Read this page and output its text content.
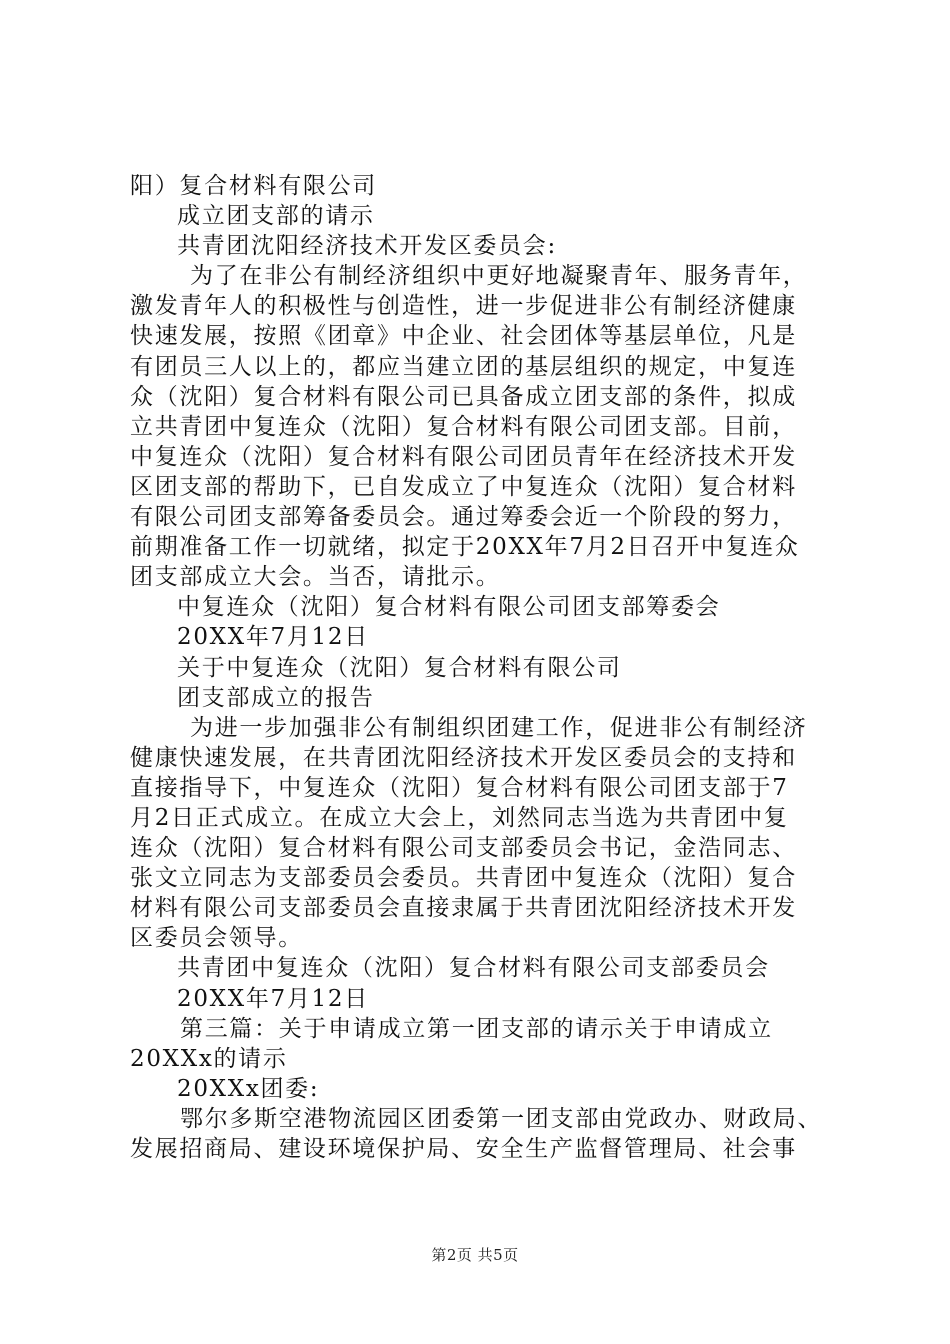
阳）复合材料有限公司
成立团支部的请示
共青团沈阳经济技术开发区委员会:
为了在非公有制经济组织中更好地凝聚青年、服务青年，
激发青年人的积极性与创造性，进一步促进非公有制经济健康
快速发展，按照《团章》中企业、社会团体等基层单位，凡是
有团员三人以上的，都应当建立团的基层组织的规定，中复连
众（沈阳）复合材料有限公司已具备成立团支部的条件，拟成
立共青团中复连众（沈阳）复合材料有限公司团支部。目前，
中复连众（沈阳）复合材料有限公司团员青年在经济技术开发
区团支部的帮助下，已自发成立了中复连众（沈阳）复合材料
有限公司团支部筹备委员会。通过筹委会近一个阶段的努力，
前期准备工作一切就绪，拟定于20XX年7月2日召开中复连众
团支部成立大会。当否，请批示。
中复连众（沈阳）复合材料有限公司团支部筹委会
20XX年7月12日
关于中复连众（沈阳）复合材料有限公司
团支部成立的报告
为进一步加强非公有制组织团建工作，促进非公有制经济
健康快速发展，在共青团沈阳经济技术开发区委员会的支持和
直接指导下，中复连众（沈阳）复合材料有限公司团支部于7
月2日正式成立。在成立大会上，刘然同志当选为共青团中复
连众（沈阳）复合材料有限公司支部委员会书记，金浩同志、
张文立同志为支部委员会委员。共青团中复连众（沈阳）复合
材料有限公司支部委员会直接隶属于共青团沈阳经济技术开发
区委员会领导。
共青团中复连众（沈阳）复合材料有限公司支部委员会
20XX年7月12日
第三篇：关于申请成立第一团支部的请示关于申请成立
20XXx的请示
20XXx团委:
鄂尔多斯空港物流园区团委第一团支部由党政办、财政局、
发展招商局、建设环境保护局、安全生产监督管理局、社会事
第2页 共5页
